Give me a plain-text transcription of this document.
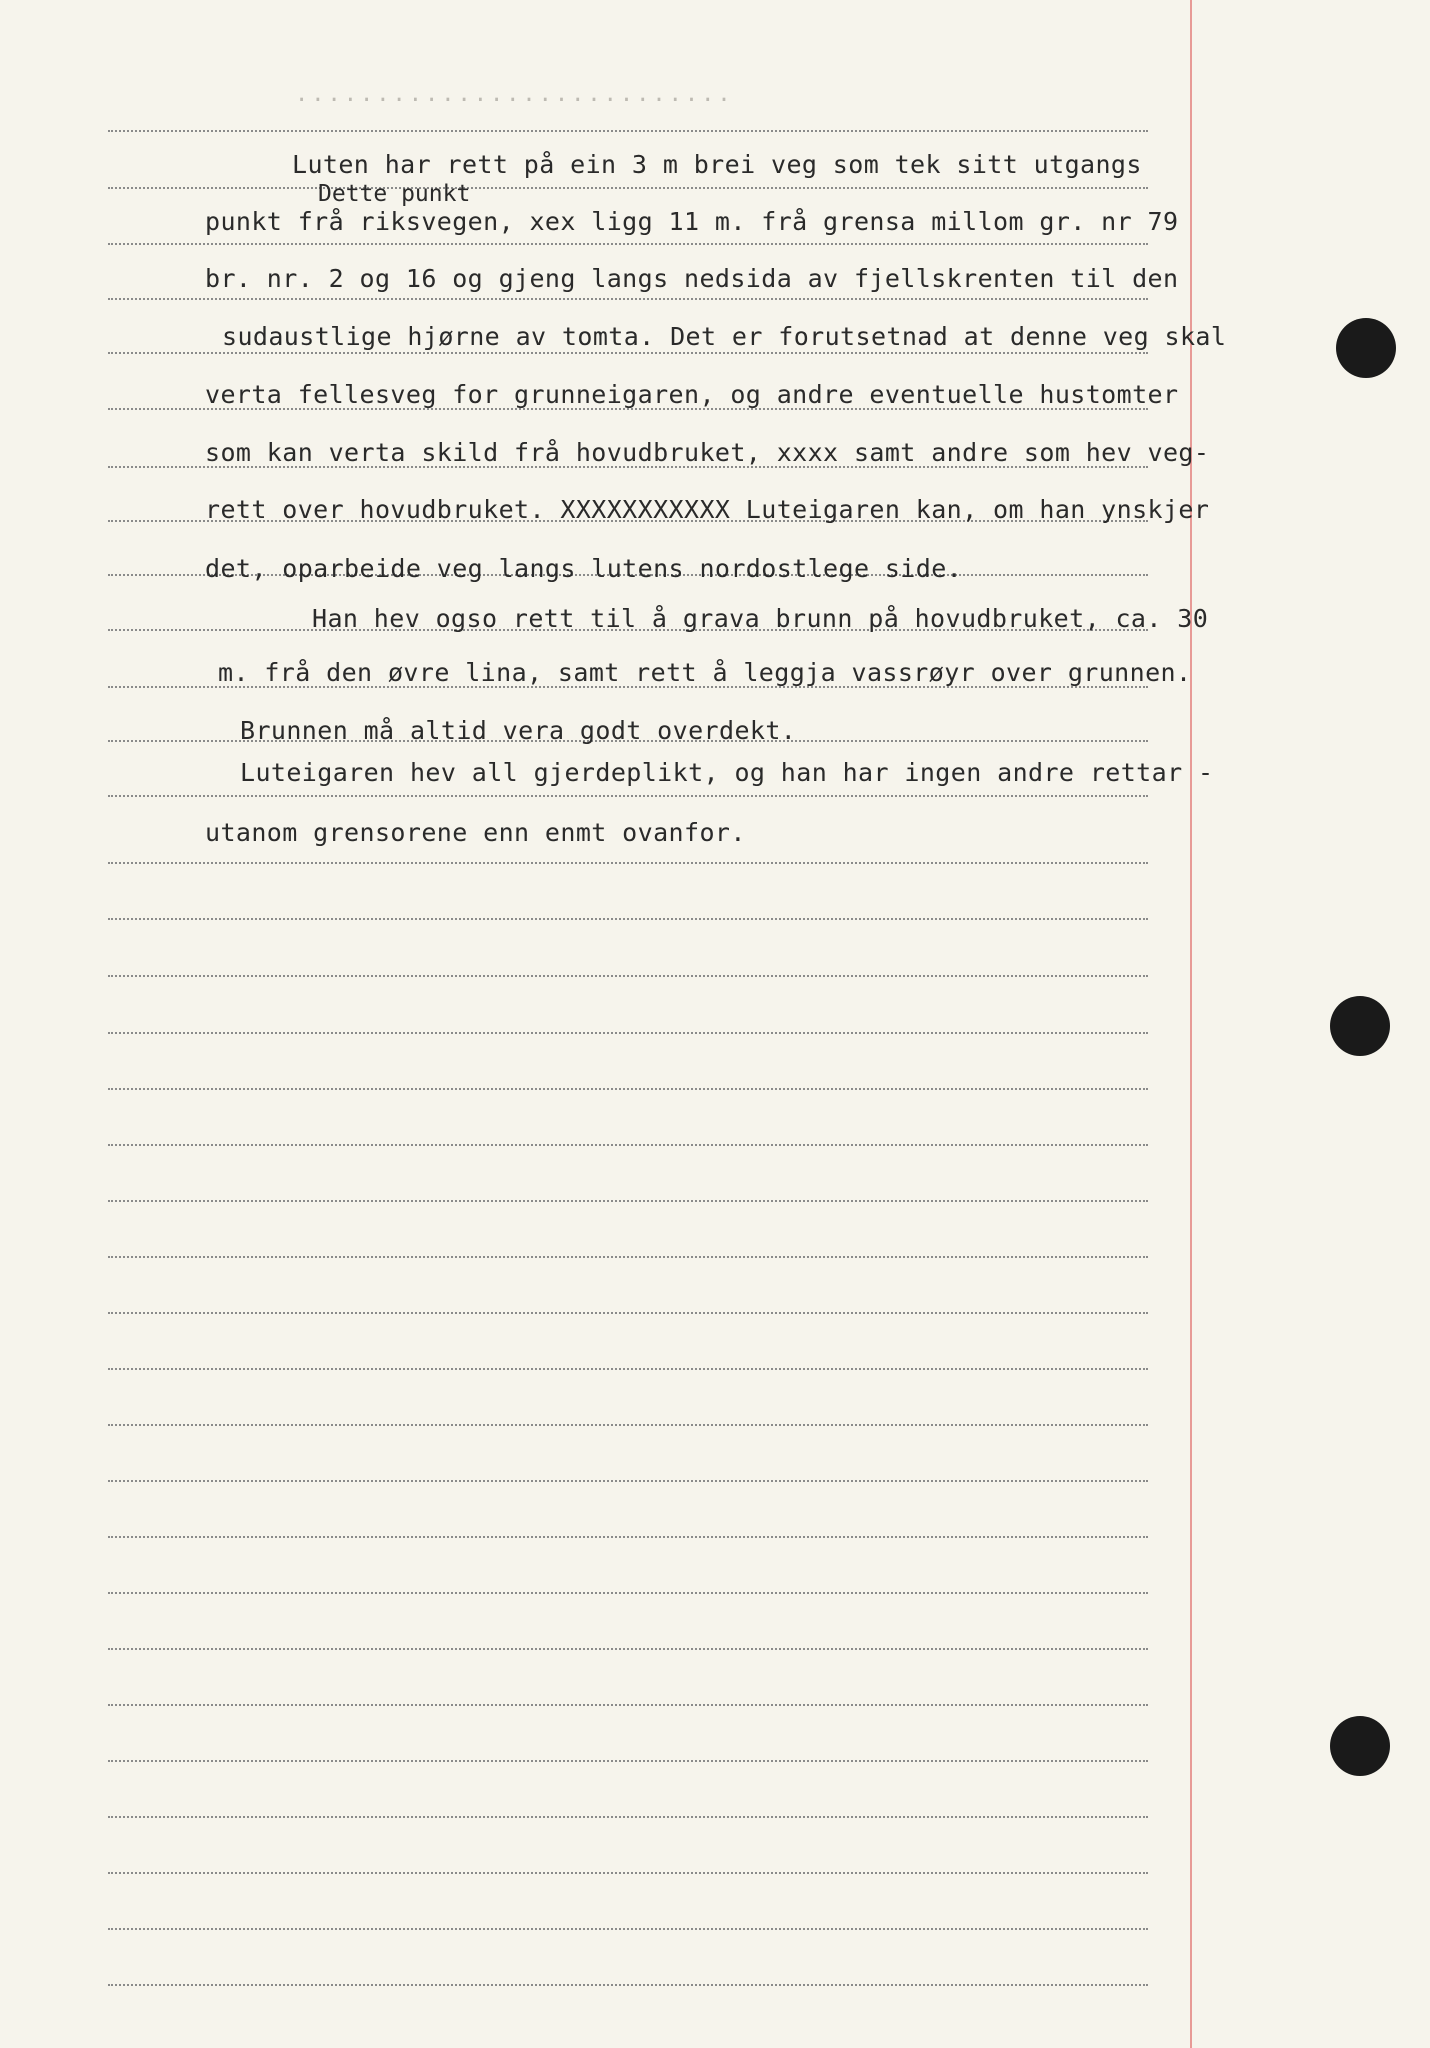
...........................
Dette punkt
Luten har rett på ein 3 m brei veg som tek sitt utgangs
punkt frå riksvegen, xex ligg 11 m. frå grensa millom gr. nr 79
br. nr. 2 og 16 og gjeng langs nedsida av fjellskrenten til den
sudaustlige hjørne av tomta. Det er forutsetnad at denne veg skal
verta fellesveg for grunneigaren, og andre eventuelle hustomter
som kan verta skild frå hovudbruket, xxxx samt andre som hev veg-
rett over hovudbruket. XXXXXXXXXXX Luteigaren kan, om han ynskjer
det, oparbeide veg langs lutens nordostlege side.
Han hev ogso rett til å grava brunn på hovudbruket, ca. 30
m. frå den øvre lina, samt rett å leggja vassrøyr over grunnen.
Brunnen må altid vera godt overdekt.
Luteigaren hev all gjerdeplikt, og han har ingen andre rettar -
utanom grensorene enn enmt ovanfor.
